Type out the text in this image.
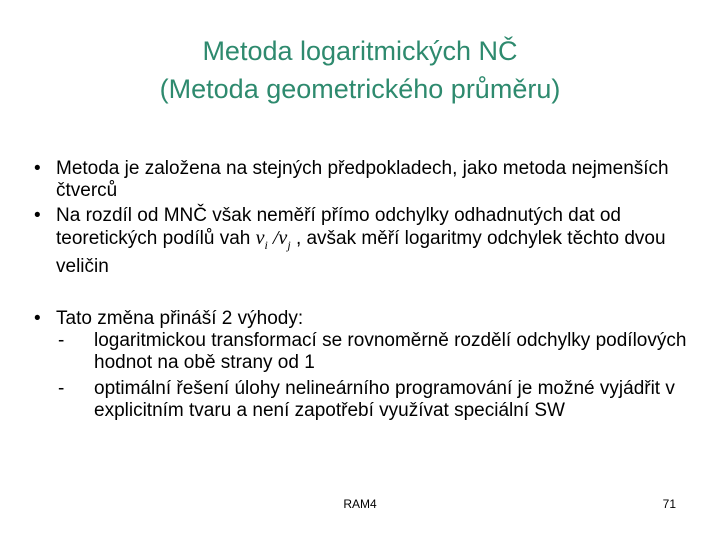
Metoda logaritmických NČ
(Metoda geometrického průměru)
• Metoda je založena na stejných předpokladech, jako metoda nejmenších čtverců
• Na rozdíl od MNČ však neměří přímo odchylky odhadnutých dat od teoretických podílů vah $v_i$ $/v_j$ , avšak měří logaritmy odchylek těchto dvou veličin
• Tato změna přináší 2 výhody:
- logaritmickou transformací se rovnoměrně rozdělí odchylky podílových hodnot na obě strany od 1
- optimální řešení úlohy nelineárního programování je možné vyjádřit v explicitním tvaru a není zapotřebí využívat speciální SW
RAM4	71
